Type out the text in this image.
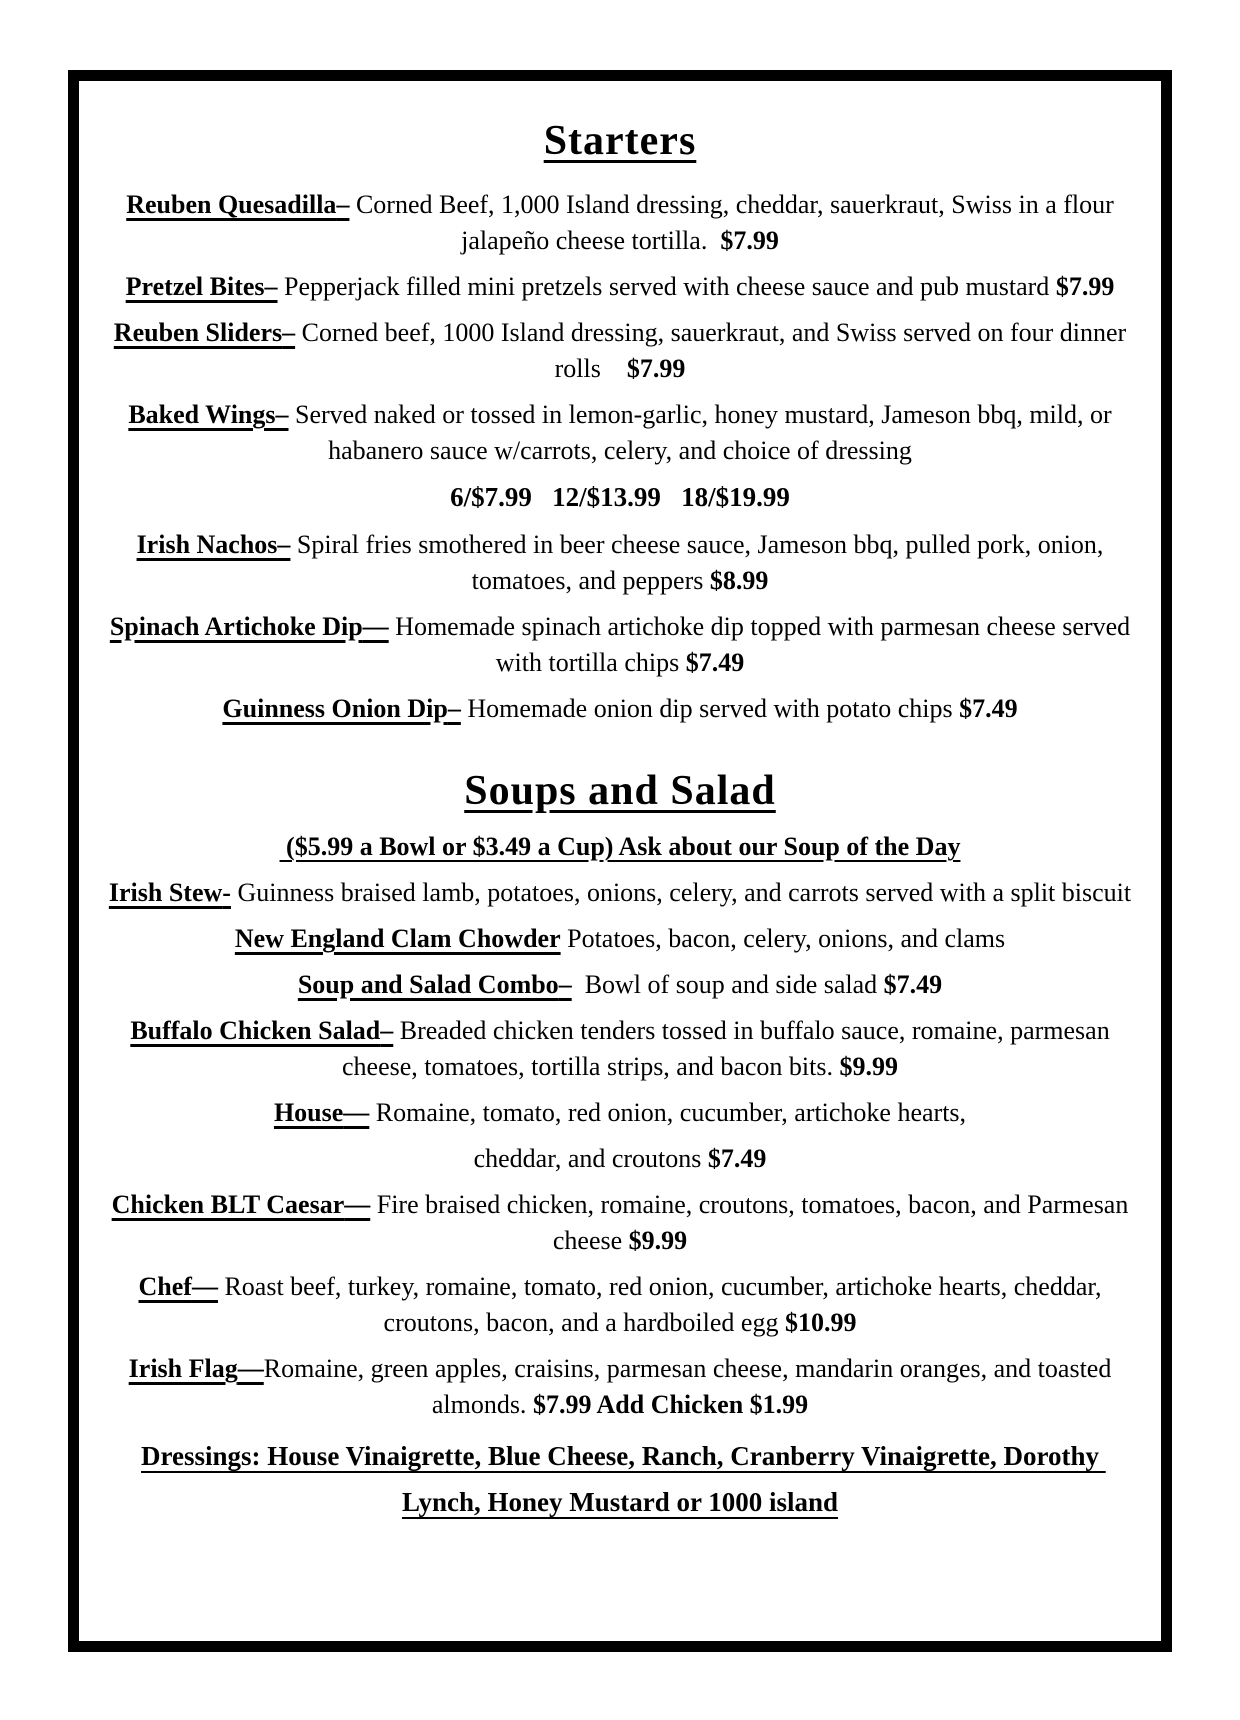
Starters

Reuben Quesadilla– Corned Beef, 1,000 Island dressing, cheddar, sauerkraut, Swiss in a flour jalapeño cheese tortilla.  $7.99

Pretzel Bites– Pepperjack filled mini pretzels served with cheese sauce and pub mustard $7.99

Reuben Sliders– Corned beef, 1000 Island dressing, sauerkraut, and Swiss served on four dinner rolls    $7.99

Baked Wings– Served naked or tossed in lemon-garlic, honey mustard, Jameson bbq, mild, or habanero sauce w/carrots, celery, and choice of dressing

6/$7.99   12/$13.99   18/$19.99

Irish Nachos– Spiral fries smothered in beer cheese sauce, Jameson bbq, pulled pork, onion, tomatoes, and peppers $8.99

Spinach Artichoke Dip— Homemade spinach artichoke dip topped with parmesan cheese served with tortilla chips $7.49

Guinness Onion Dip– Homemade onion dip served with potato chips $7.49

Soups and Salad

($5.99 a Bowl or $3.49 a Cup) Ask about our Soup of the Day

Irish Stew- Guinness braised lamb, potatoes, onions, celery, and carrots served with a split biscuit

New England Clam Chowder Potatoes, bacon, celery, onions, and clams

Soup and Salad Combo–  Bowl of soup and side salad $7.49

Buffalo Chicken Salad– Breaded chicken tenders tossed in buffalo sauce, romaine, parmesan cheese, tomatoes, tortilla strips, and bacon bits. $9.99

House— Romaine, tomato, red onion, cucumber, artichoke hearts,

cheddar, and croutons $7.49

Chicken BLT Caesar— Fire braised chicken, romaine, croutons, tomatoes, bacon, and Parmesan cheese $9.99

Chef— Roast beef, turkey, romaine, tomato, red onion, cucumber, artichoke hearts, cheddar, croutons, bacon, and a hardboiled egg $10.99

Irish Flag—Romaine, green apples, craisins, parmesan cheese, mandarin oranges, and toasted almonds. $7.99 Add Chicken $1.99

Dressings: House Vinaigrette, Blue Cheese, Ranch, Cranberry Vinaigrette, Dorothy Lynch, Honey Mustard or 1000 island
